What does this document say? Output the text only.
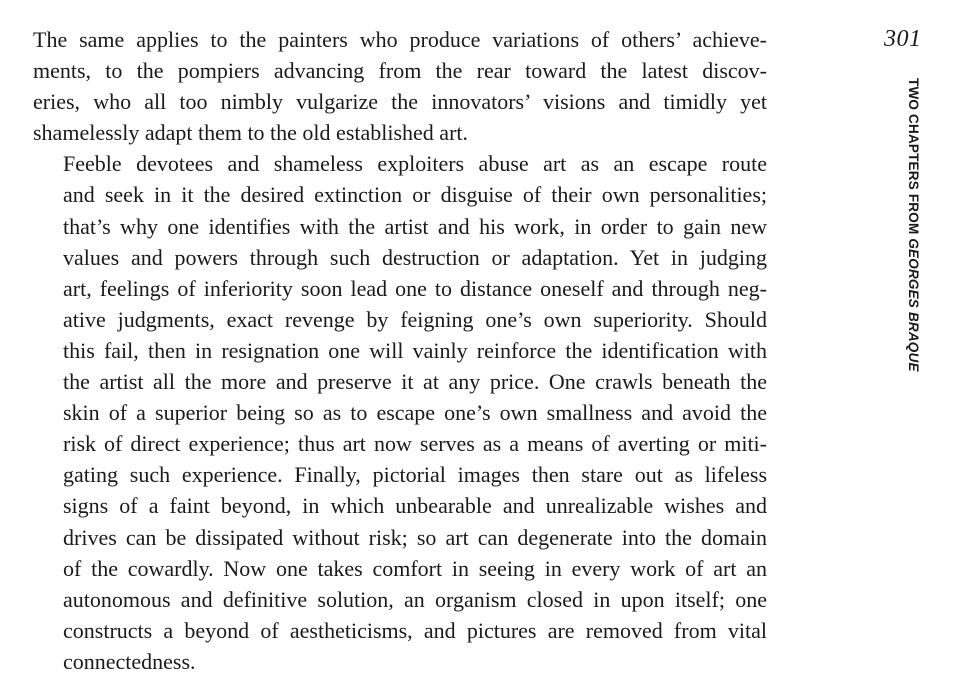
The same applies to the painters who produce variations of others’ achieve-
ments, to the pompiers advancing from the rear toward the latest discov-
eries, who all too nimbly vulgarize the innovators’ visions and timidly yet
shamelessly adapt them to the old established art.

Feeble devotees and shameless exploiters abuse art as an escape route
and seek in it the desired extinction or disguise of their own personalities;
that’s why one identifies with the artist and his work, in order to gain new
values and powers through such destruction or adaptation. Yet in judging
art, feelings of inferiority soon lead one to distance oneself and through neg-
ative judgments, exact revenge by feigning one’s own superiority. Should
this fail, then in resignation one will vainly reinforce the identification with
the artist all the more and preserve it at any price. One crawls beneath the
skin of a superior being so as to escape one’s own smallness and avoid the
risk of direct experience; thus art now serves as a means of averting or miti-
gating such experience. Finally, pictorial images then stare out as lifeless
signs of a faint beyond, in which unbearable and unrealizable wishes and
drives can be dissipated without risk; so art can degenerate into the domain
of the cowardly. Now one takes comfort in seeing in every work of art an
autonomous and definitive solution, an organism closed in upon itself; one
constructs a beyond of aestheticisms, and pictures are removed from vital
connectedness.

301
TWO CHAPTERS FROM GEORGES BRAQUE
